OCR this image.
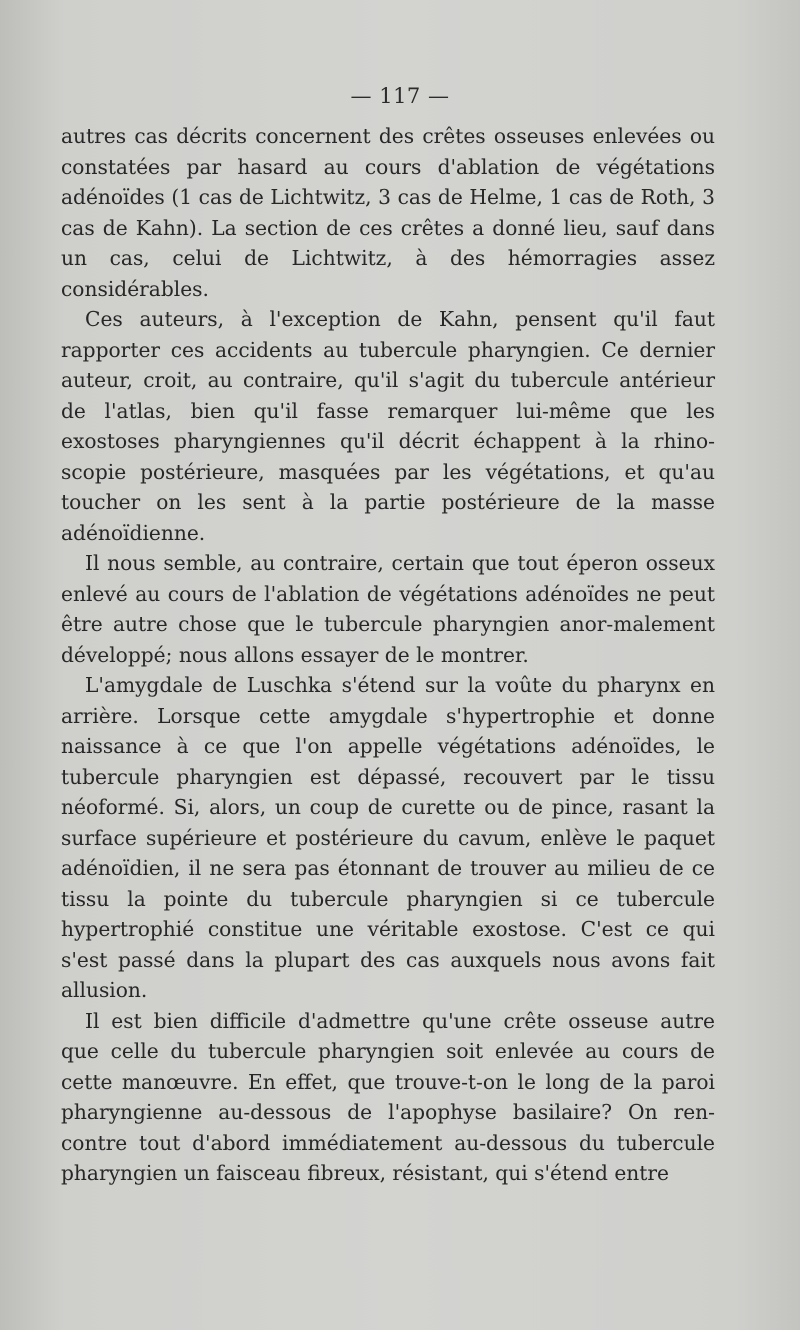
— 117 —

autres cas décrits concernent des crêtes osseuses enlevées ou constatées par hasard au cours d'ablation de végétations adénoïdes (1 cas de Lichtwitz, 3 cas de Helme, 1 cas de Roth, 3 cas de Kahn). La section de ces crêtes a donné lieu, sauf dans un cas, celui de Lichtwitz, à des hémorragies assez considérables.

Ces auteurs, à l'exception de Kahn, pensent qu'il faut rapporter ces accidents au tubercule pharyngien. Ce dernier auteur, croit, au contraire, qu'il s'agit du tubercule antérieur de l'atlas, bien qu'il fasse remarquer lui-même que les exostoses pharyngiennes qu'il décrit échappent à la rhino-scopie postérieure, masquées par les végétations, et qu'au toucher on les sent à la partie postérieure de la masse adénoïdienne.

Il nous semble, au contraire, certain que tout éperon osseux enlevé au cours de l'ablation de végétations adénoïdes ne peut être autre chose que le tubercule pharyngien anor-malement développé; nous allons essayer de le montrer.

L'amygdale de Luschka s'étend sur la voûte du pharynx en arrière. Lorsque cette amygdale s'hypertrophie et donne naissance à ce que l'on appelle végétations adénoïdes, le tubercule pharyngien est dépassé, recouvert par le tissu néoformé. Si, alors, un coup de curette ou de pince, rasant la surface supérieure et postérieure du cavum, enlève le paquet adénoïdien, il ne sera pas étonnant de trouver au milieu de ce tissu la pointe du tubercule pharyngien si ce tubercule hypertrophié constitue une véritable exostose. C'est ce qui s'est passé dans la plupart des cas auxquels nous avons fait allusion.

Il est bien difficile d'admettre qu'une crête osseuse autre que celle du tubercule pharyngien soit enlevée au cours de cette manœuvre. En effet, que trouve-t-on le long de la paroi pharyngienne au-dessous de l'apophyse basilaire? On ren-contre tout d'abord immédiatement au-dessous du tubercule pharyngien un faisceau fibreux, résistant, qui s'étend entre
